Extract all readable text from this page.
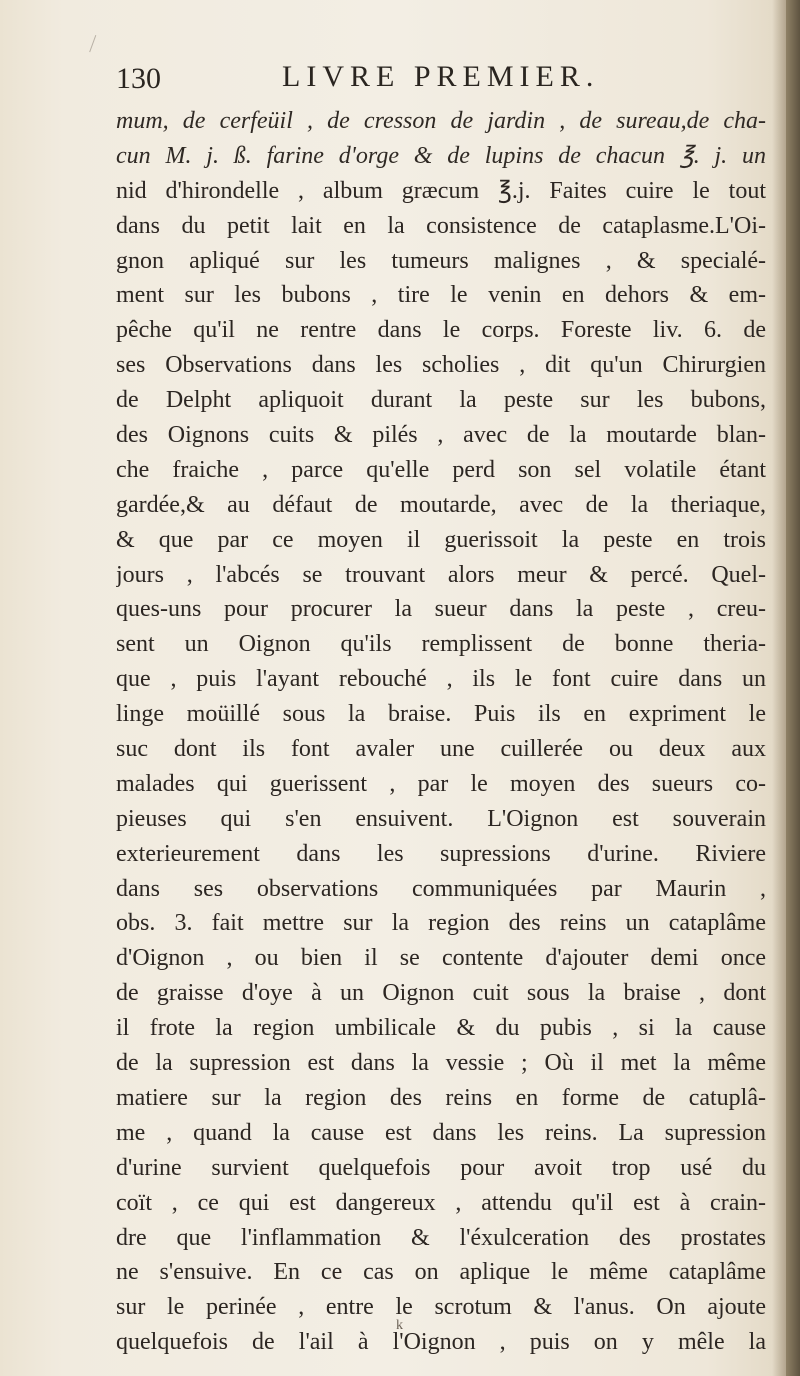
130	LIVRE PREMIER.
mum, de cerfeüil , de cresson de jardin , de sureau,de cha-
cun M. j. ß. farine d'orge & de lupins de chacun ℥. j. un
nid d'hirondelle , album græcum ℥.j. Faites cuire le tout
dans du petit lait en la consistence de cataplasme.L'Oi-
gnon apliqué sur les tumeurs malignes , & specialé-
ment sur les bubons , tire le venin en dehors & em-
pêche qu'il ne rentre dans le corps. Foreste liv. 6. de
ses Observations dans les scholies , dit qu'un Chirurgien
de Delpht apliquoit durant la peste sur les bubons,
des Oignons cuits & pilés , avec de la moutarde blan-
che fraiche , parce qu'elle perd son sel volatile étant
gardée,& au défaut de moutarde, avec de la theriaque,
& que par ce moyen il guerissoit la peste en trois
jours , l'abcés se trouvant alors meur & percé. Quel-
ques-uns pour procurer la sueur dans la peste , creu-
sent un Oignon qu'ils remplissent de bonne theria-
que , puis l'ayant rebouché , ils le font cuire dans un
linge moüillé sous la braise. Puis ils en expriment le
suc dont ils font avaler une cuillerée ou deux aux
malades qui guerissent , par le moyen des sueurs co-
pieuses qui s'en ensuivent. L'Oignon est souverain
exterieurement dans les supressions d'urine. Riviere
dans ses observations communiquées par Maurin ,
obs. 3. fait mettre sur la region des reins un cataplâme
d'Oignon , ou bien il se contente d'ajouter demi once
de graisse d'oye à un Oignon cuit sous la braise , dont
il frote la region umbilicale & du pubis , si la cause
de la supression est dans la vessie ; Où il met la même
matiere sur la region des reins en forme de catuplâ-
me , quand la cause est dans les reins. La supression
d'urine survient quelquefois pour avoit trop usé du
coït , ce qui est dangereux , attendu qu'il est à crain-
dre que l'inflammation & l'éxulceration des prostates
ne s'ensuive. En ce cas on aplique le même cataplâme
sur le perinée , entre le scrotum & l'anus. On ajoute
quelquefois de l'ail à l'Oignon , puis on y mêle la
k
